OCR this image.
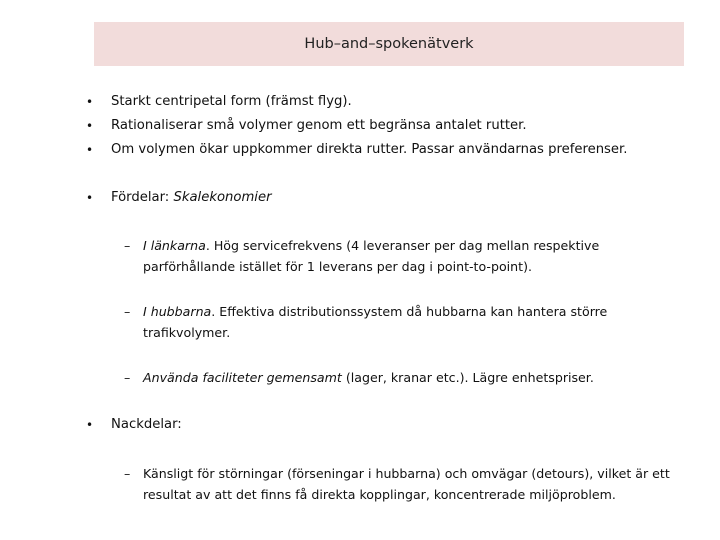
Hub–and–spokenätverk
• Starkt centripetal form (främst flyg).
• Rationaliserar små volymer genom ett begränsa antalet rutter.
• Om volymen ökar uppkommer direkta rutter. Passar användarnas preferenser.
• Fördelar: Skalekonomier
– I länkarna. Hög servicefrekvens (4 leveranser per dag mellan respektive
parförhållande istället för 1 leverans per dag i point-to-point).
– I hubbarna. Effektiva distributionssystem då hubbarna kan hantera större
trafikvolymer.
– Använda faciliteter gemensamt (lager, kranar etc.). Lägre enhetspriser.
• Nackdelar:
– Känsligt för störningar (förseningar i hubbarna) och omvägar (detours), vilket är ett
resultat av att det finns få direkta kopplingar, koncentrerade miljöproblem.
